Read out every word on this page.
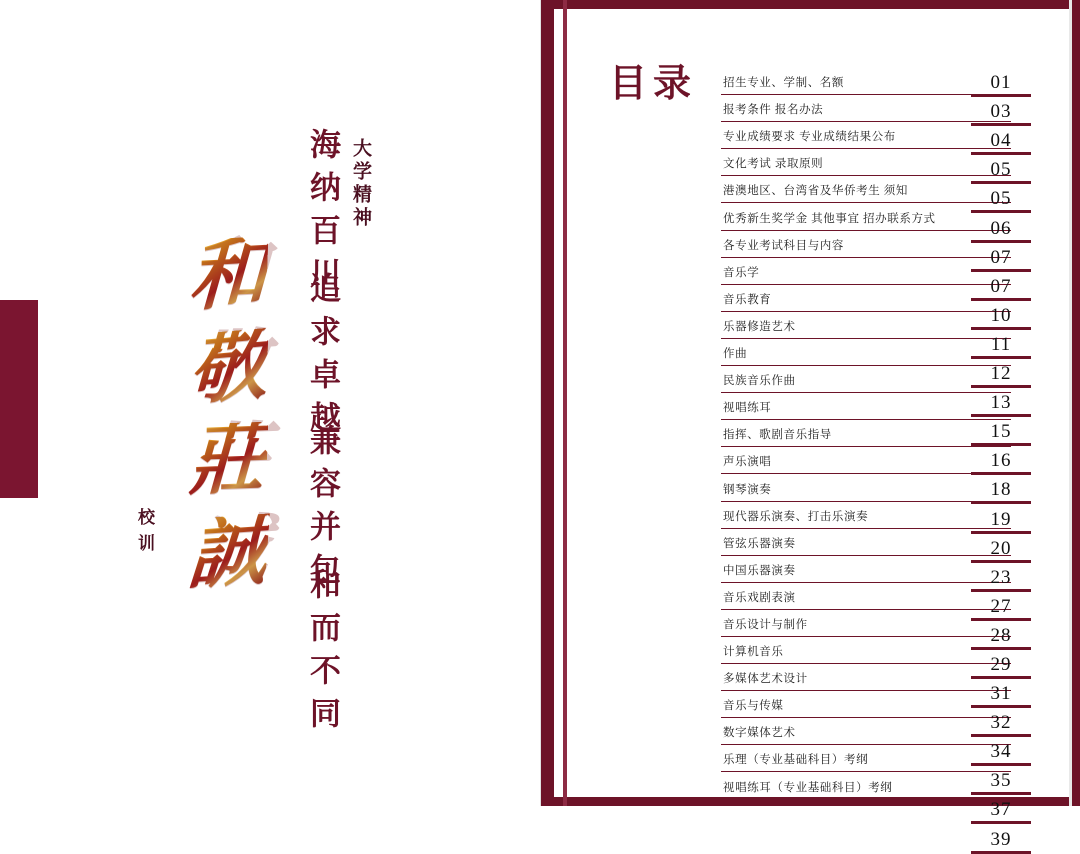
大学精神
海纳百川
追求卓越
兼容并包
和而不同
和
敬
莊
誠
校训
目录 招生专业、学制、名额
报考条件 报名办法
专业成绩要求 专业成绩结果公布
文化考试 录取原则
港澳地区、台湾省及华侨考生 须知
优秀新生奖学金 其他事宜 招办联系方式
各专业考试科目与内容
音乐学
音乐教育
乐器修造艺术
作曲
民族音乐作曲
视唱练耳
指挥、歌剧音乐指导
声乐演唱
钢琴演奏
现代器乐演奏、打击乐演奏
管弦乐器演奏
中国乐器演奏
音乐戏剧表演
音乐设计与制作
计算机音乐
多媒体艺术设计
音乐与传媒
数字媒体艺术
乐理（专业基础科目）考纲
视唱练耳（专业基础科目）考纲
01
03
04
05
05
06
07
07
10
11
12
13
15
16
18
19
20
23
27
28
29
31
32
34
35
37
39
